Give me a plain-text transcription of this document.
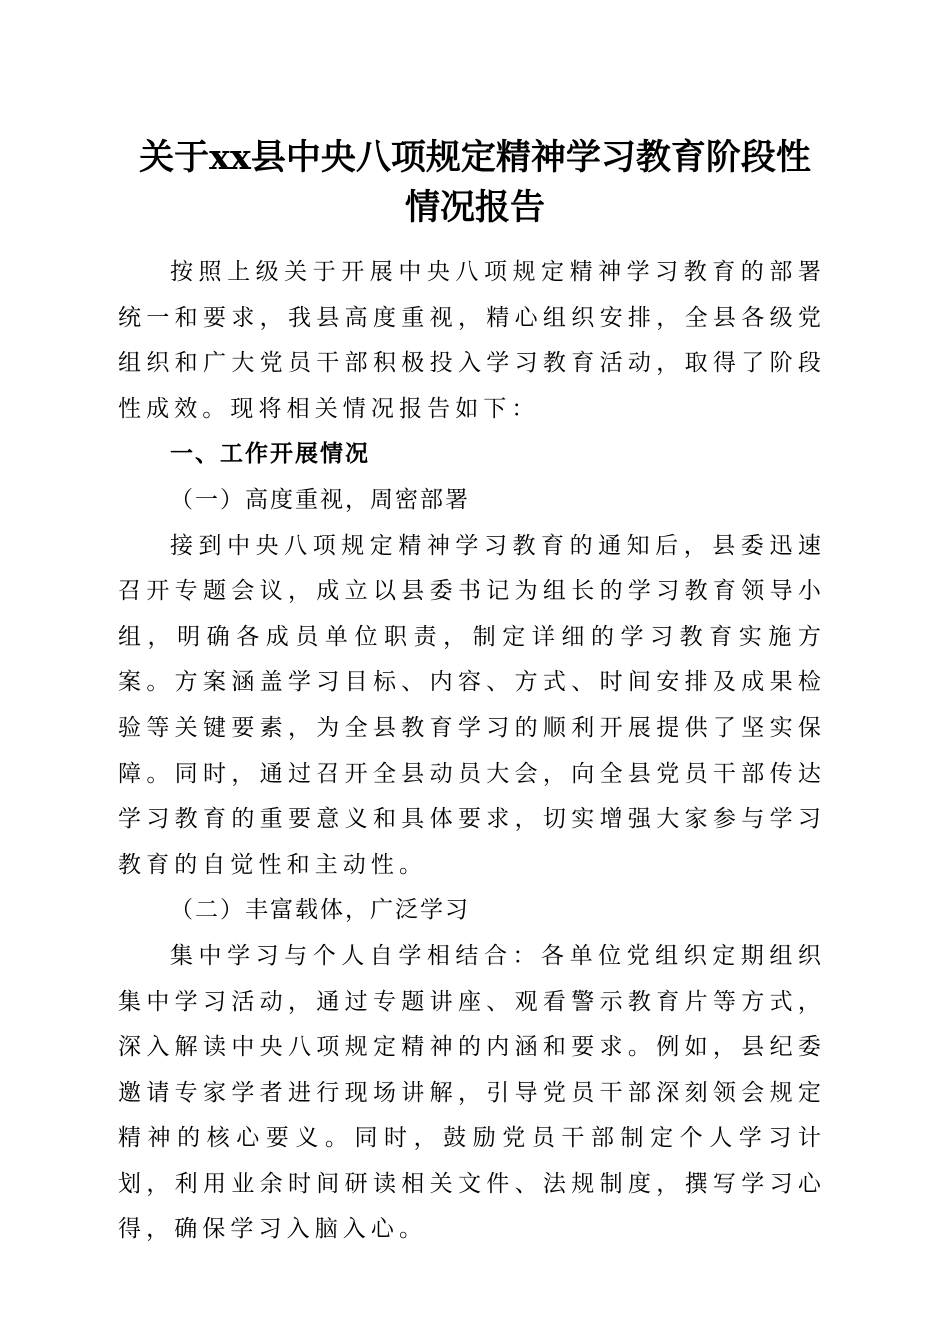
关于xx县中央八项规定精神学习教育阶段性
情况报告

按照上级关于开展中央八项规定精神学习教育的部署统一和要求，我县高度重视，精心组织安排，全县各级党组织和广大党员干部积极投入学习教育活动，取得了阶段性成效。现将相关情况报告如下：

一、工作开展情况
（一）高度重视，周密部署

接到中央八项规定精神学习教育的通知后，县委迅速召开专题会议，成立以县委书记为组长的学习教育领导小组，明确各成员单位职责，制定详细的学习教育实施方案。方案涵盖学习目标、内容、方式、时间安排及成果检验等关键要素，为全县教育学习的顺利开展提供了坚实保障。同时，通过召开全县动员大会，向全县党员干部传达学习教育的重要意义和具体要求，切实增强大家参与学习教育的自觉性和主动性。

（二）丰富载体，广泛学习

集中学习与个人自学相结合：各单位党组织定期组织集中学习活动，通过专题讲座、观看警示教育片等方式，深入解读中央八项规定精神的内涵和要求。例如，县纪委邀请专家学者进行现场讲解，引导党员干部深刻领会规定精神的核心要义。同时，鼓励党员干部制定个人学习计划，利用业余时间研读相关文件、法规制度，撰写学习心得，确保学习入脑入心。
